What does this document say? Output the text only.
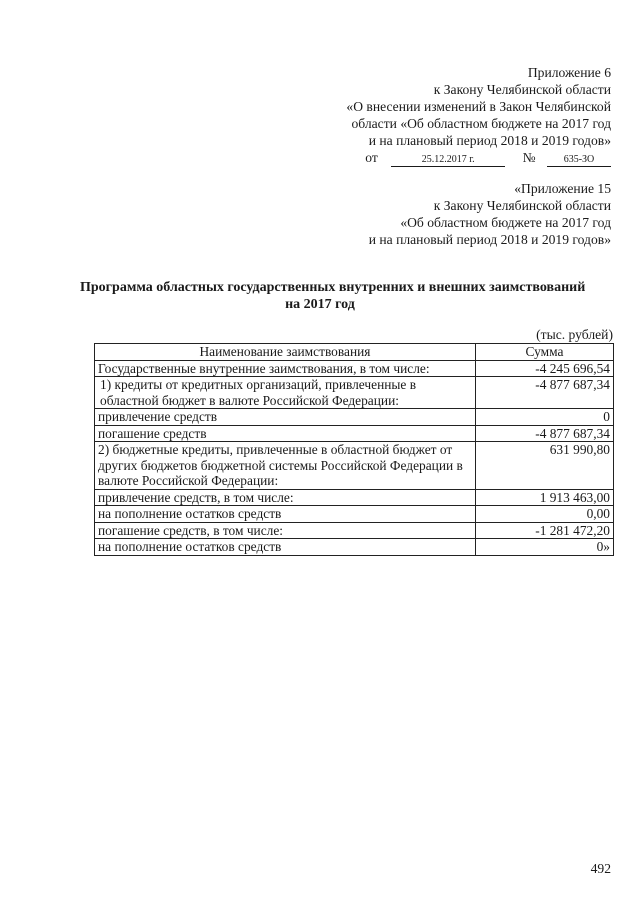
Приложение 6
к Закону Челябинской области
«О внесении изменений в Закон Челябинской
области «Об областном бюджете на 2017 год
и на плановый период 2018 и 2019 годов»
от	25.12.2017 г.	№	635-ЗО
«Приложение 15
к Закону Челябинской области
«Об областном бюджете на 2017 год
и на плановый период 2018 и 2019 годов»
Программа областных государственных внутренних и внешних заимствований
на 2017 год
(тыс. рублей)
Наименование заимствования	Сумма
Государственные внутренние заимствования, в том числе:	-4 245 696,54
1) кредиты от кредитных организаций, привлеченные в областной бюджет в валюте Российской Федерации:	-4 877 687,34
привлечение средств	0
погашение средств	-4 877 687,34
2) бюджетные кредиты, привлеченные в областной бюджет от других бюджетов бюджетной системы Российской Федерации в валюте Российской Федерации:	631 990,80
привлечение средств, в том числе:	1 913 463,00
на пополнение остатков средств	0,00
погашение средств, в том числе:	-1 281 472,20
на пополнение остатков средств	0»
492
